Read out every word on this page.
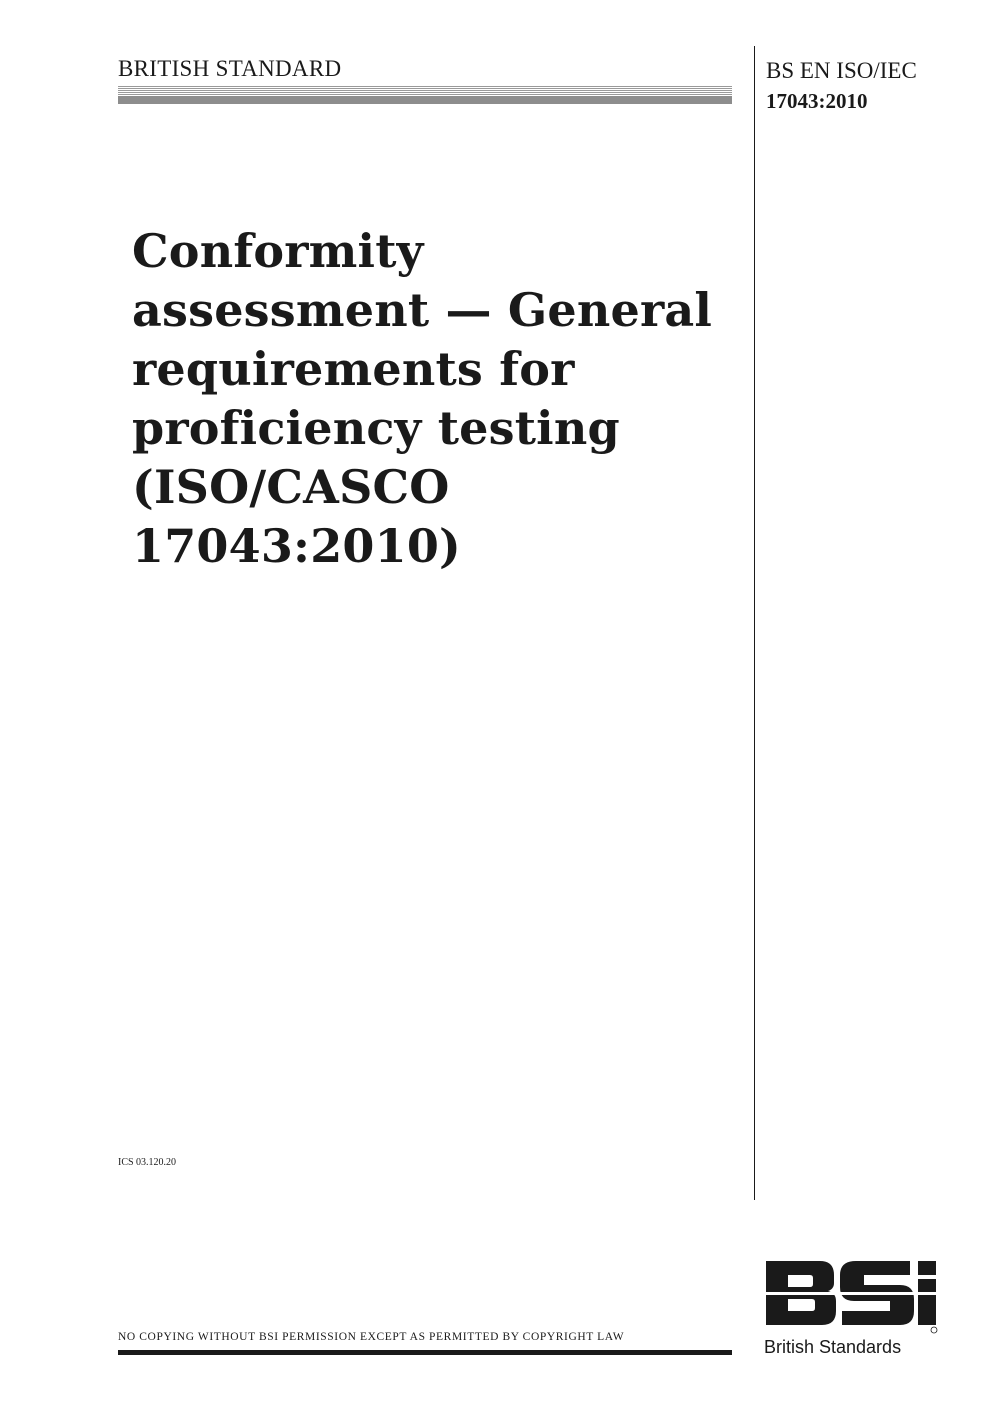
BRITISH STANDARD	BS EN ISO/IEC
17043:2010
Conformity
assessment — General
requirements for
proficiency testing
(ISO/CASCO
17043:2010)
ICS 03.120.20
NO COPYING WITHOUT BSI PERMISSION EXCEPT AS PERMITTED BY COPYRIGHT LAW	British Standards
